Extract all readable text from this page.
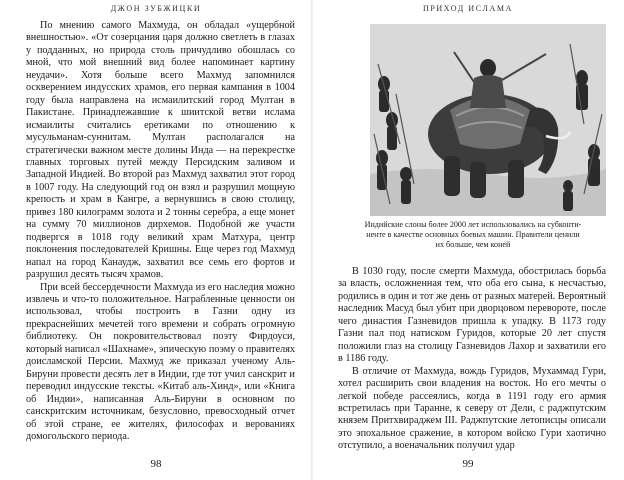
ДЖОН ЗУБЖИЦКИ

По мнению самого Махмуда, он обладал «ущербной внешностью». «От созерцания царя должно светлеть в глазах у подданных, но природа столь причудливо обошлась со мной, что мой внешний вид более напоминает картину неудачи». Хотя больше всего Махмуд запомнился оскверением индусских храмов, его первая кампания в 1004 году была направлена на исмаилитский город Мултан в Пакистане. Принадлежавшие к шиитской ветви ислама исмаилиты считались еретиками по отношению к мусульманам-суннитам. Мултан располагался на стратегически важном месте долины Инда — на перекрестке главных торговых путей между Персидским заливом и Западной Индией. Во второй раз Махмуд захватил этот город в 1007 году. На следующий год он взял и разрушил мощную крепость и храм в Кангре, а вернувшись в свою столицу, привез 180 килограмм золота и 2 тонны серебра, а еще монет на сумму 70 миллионов дирхемов. Подобной же участи подвергся в 1018 году великий храм Матхура, центр поклонения последователей Кришны. Еще через год Махмуд напал на город Канаудж, захватил все семь его фортов и разрушил десять тысяч храмов.

При всей бессердечности Махмуда из его наследия можно извлечь и что-то положительное. Награбленные ценности он использовал, чтобы построить в Газни одну из прекраснейших мечетей того времени и собрать огромную библиотеку. Он покровительствовал поэту Фирдоуси, который написал «Шахнаме», эпическую поэму о правителях доисламской Персии. Махмуд же приказал ученому Аль-Бируни провести десять лет в Индии, где тот учил санскрит и переводил индусские тексты. «Китаб аль-Хинд», или «Книга об Индии», написанная Аль-Бируни в основном по санскритским источникам, безусловно, превосходный отчет об этой стране, ее жителях, философах и верованиях домогольского периода.

98
ПРИХОД ИСЛАМА
Индийские слоны более 2000 лет использовались на субконти-
ненте в качестве основных боевых машин. Правители ценили
их больше, чем коней

В 1030 году, после смерти Махмуда, обострилась борьба за власть, осложненная тем, что оба его сына, к несчастью, родились в один и тот же день от разных матерей. Вероятный наследник Масуд был убит при дворцовом перевороте, после чего династия Газневидов пришла к упадку. В 1173 году Газни пал под натиском Гуридов, которые 20 лет спустя положили глаз на столицу Газневидов Лахор и захватили его в 1186 году.

В отличие от Махмуда, вождь Гуридов, Мухаммад Гури, хотел расширить свои владения на восток. Но его мечты о легкой победе рассеялись, когда в 1191 году его армия встретилась при Таранне, к северу от Дели, с раджпутским князем Притхвираджем III. Раджпутские летописцы описали это эпохальное сражение, в котором войско Гури хаотично отступило, а военачальник получил удар

99
